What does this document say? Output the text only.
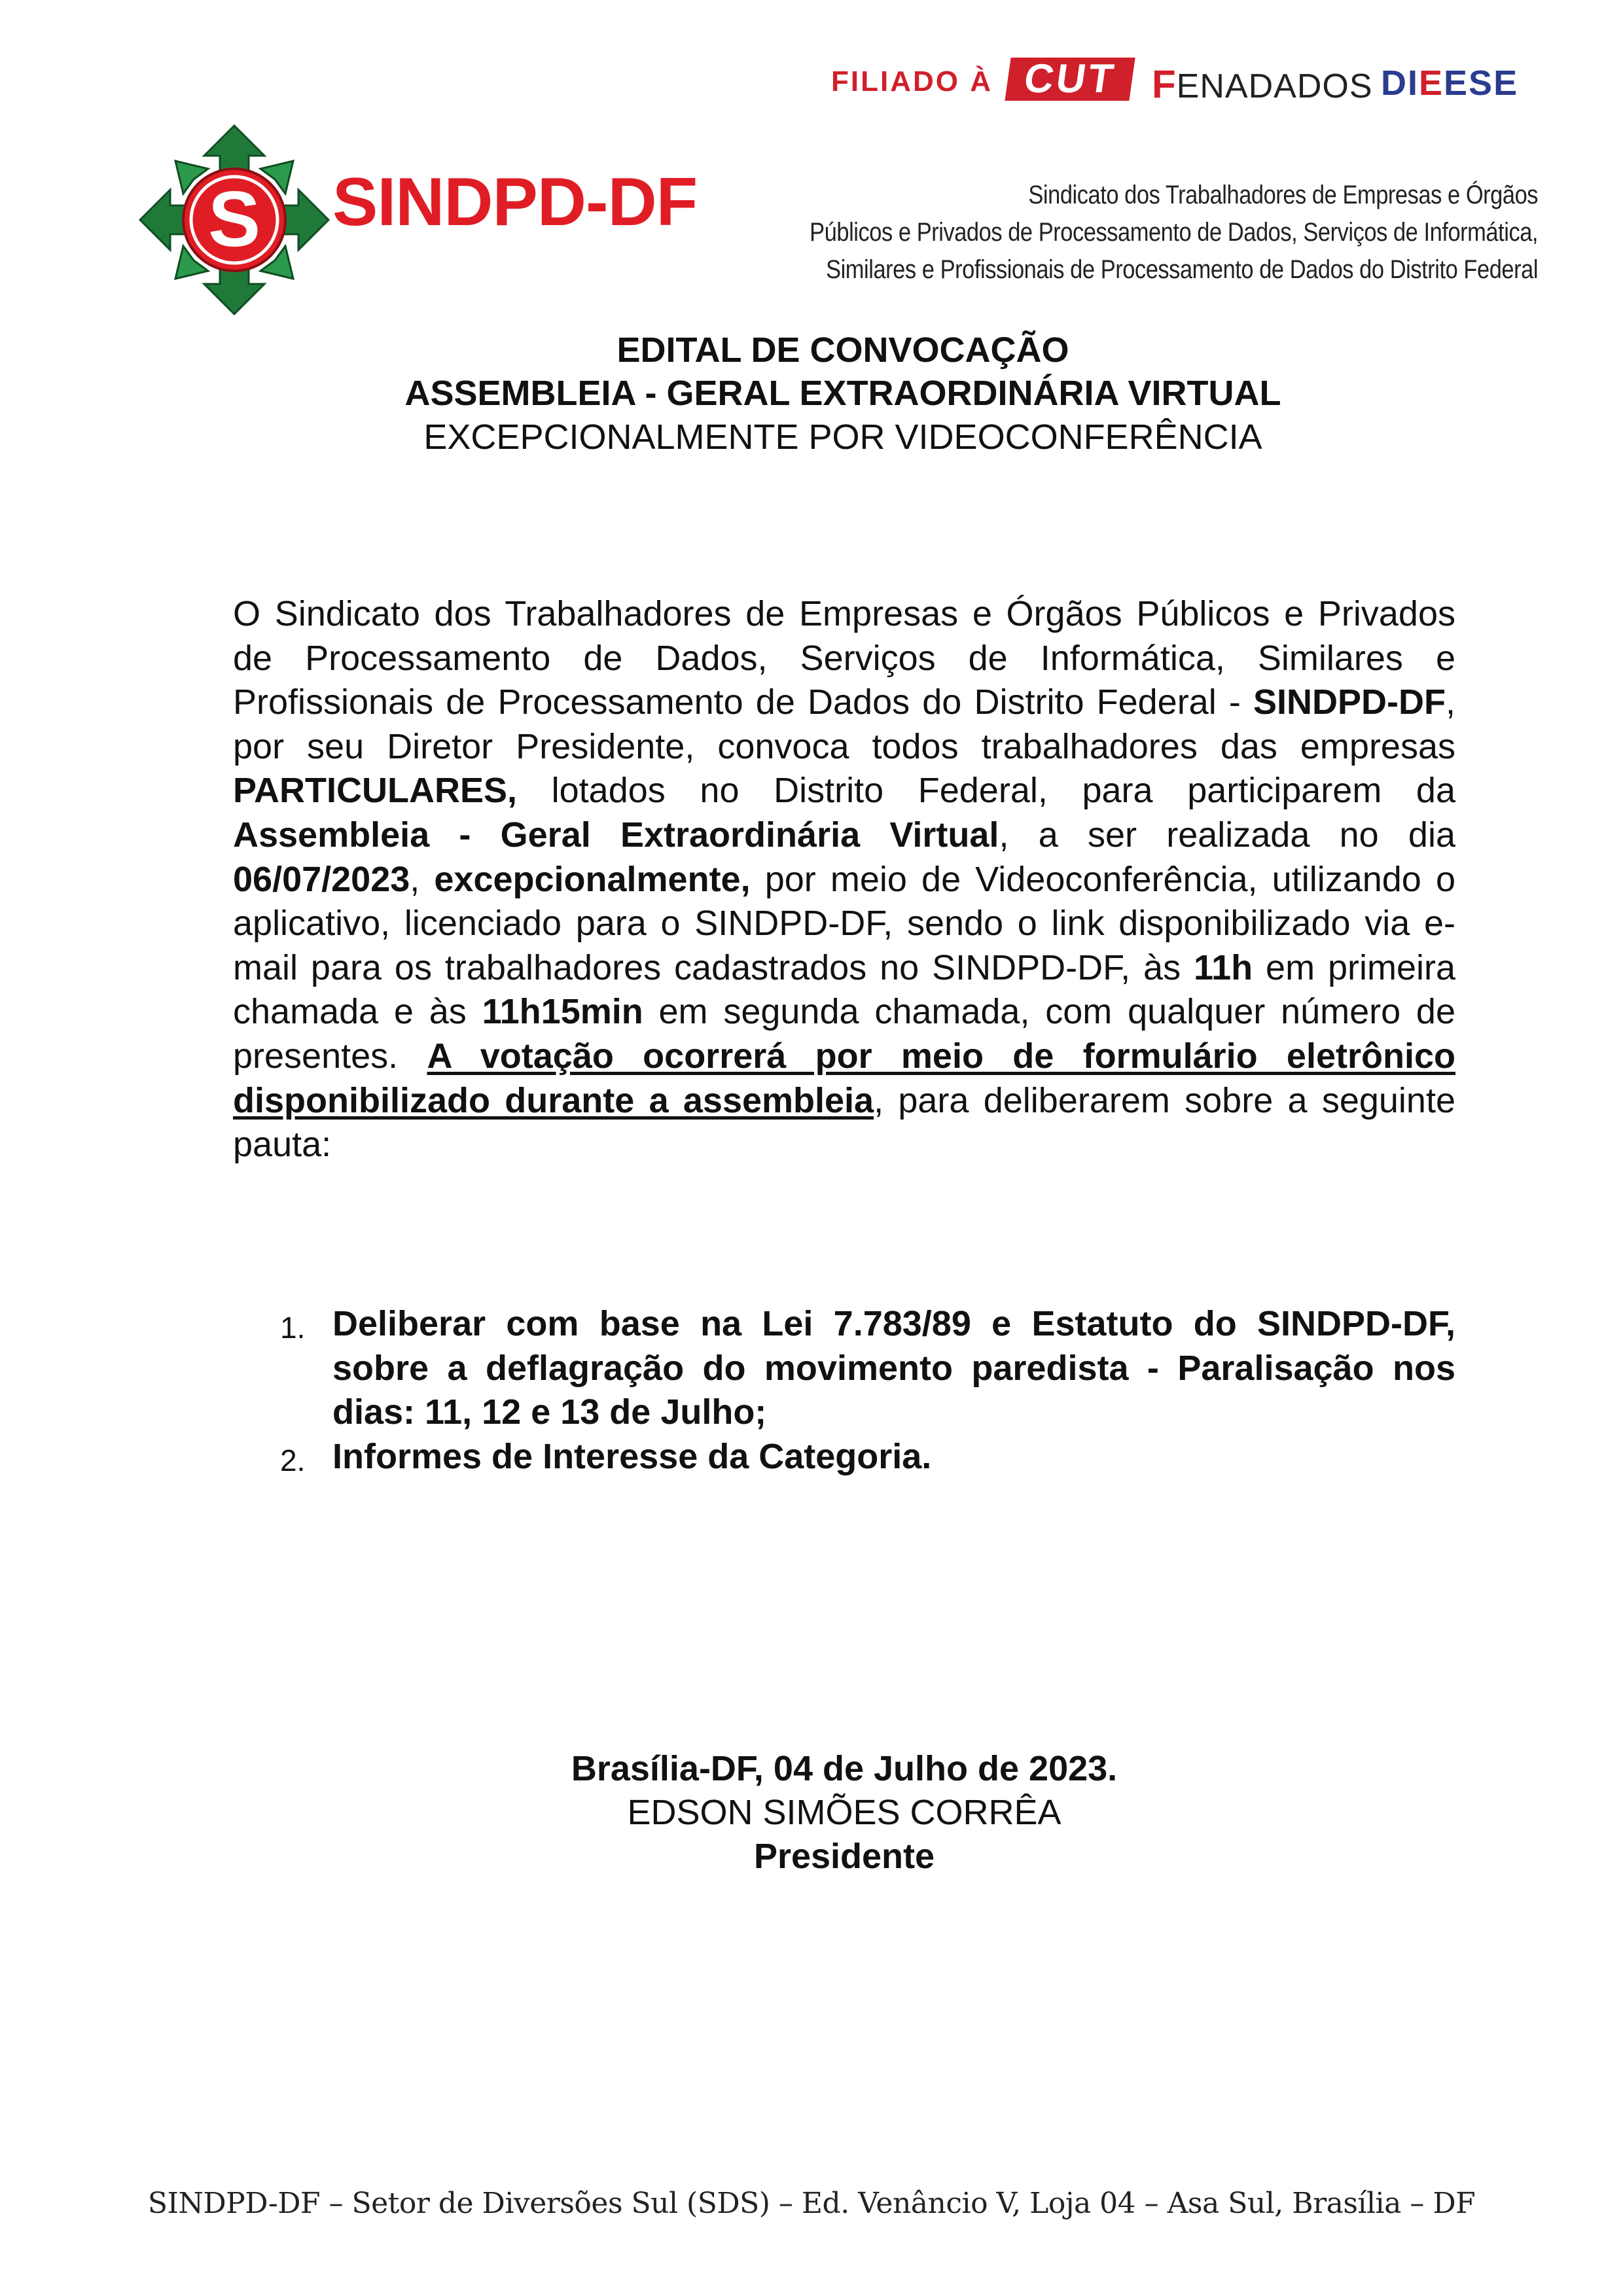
FILIADO À CUT FENADADOS DIEESE
S SINDPD-DF	Sindicato dos Trabalhadores de Empresas e Órgãos
Públicos e Privados de Processamento de Dados, Serviços de Informática,
Similares e Profissionais de Processamento de Dados do Distrito Federal
EDITAL DE CONVOCAÇÃO
ASSEMBLEIA - GERAL EXTRAORDINÁRIA VIRTUAL
EXCEPCIONALMENTE POR VIDEOCONFERÊNCIA
O Sindicato dos Trabalhadores de Empresas e Órgãos Públicos e Privados de Processamento de Dados, Serviços de Informática, Similares e Profissionais de Processamento de Dados do Distrito Federal - SINDPD-DF, por seu Diretor Presidente, convoca todos trabalhadores das empresas PARTICULARES, lotados no Distrito Federal, para participarem da Assembleia - Geral Extraordinária Virtual, a ser realizada no dia 06/07/2023, excepcionalmente, por meio de Videoconferência, utilizando o aplicativo, licenciado para o SINDPD-DF, sendo o link disponibilizado via e-mail para os trabalhadores cadastrados no SINDPD-DF, às 11h em primeira chamada e às 11h15min em segunda chamada, com qualquer número de presentes. A votação ocorrerá por meio de formulário eletrônico disponibilizado durante a assembleia, para deliberarem sobre a seguinte pauta:
1. Deliberar com base na Lei 7.783/89 e Estatuto do SINDPD-DF, sobre a deflagração do movimento paredista - Paralisação nos dias: 11, 12 e 13 de Julho;
2. Informes de Interesse da Categoria.
Brasília-DF, 04 de Julho de 2023.
EDSON SIMÕES CORRÊA
Presidente
SINDPD-DF – Setor de Diversões Sul (SDS) – Ed. Venâncio V, Loja 04 – Asa Sul, Brasília – DF
